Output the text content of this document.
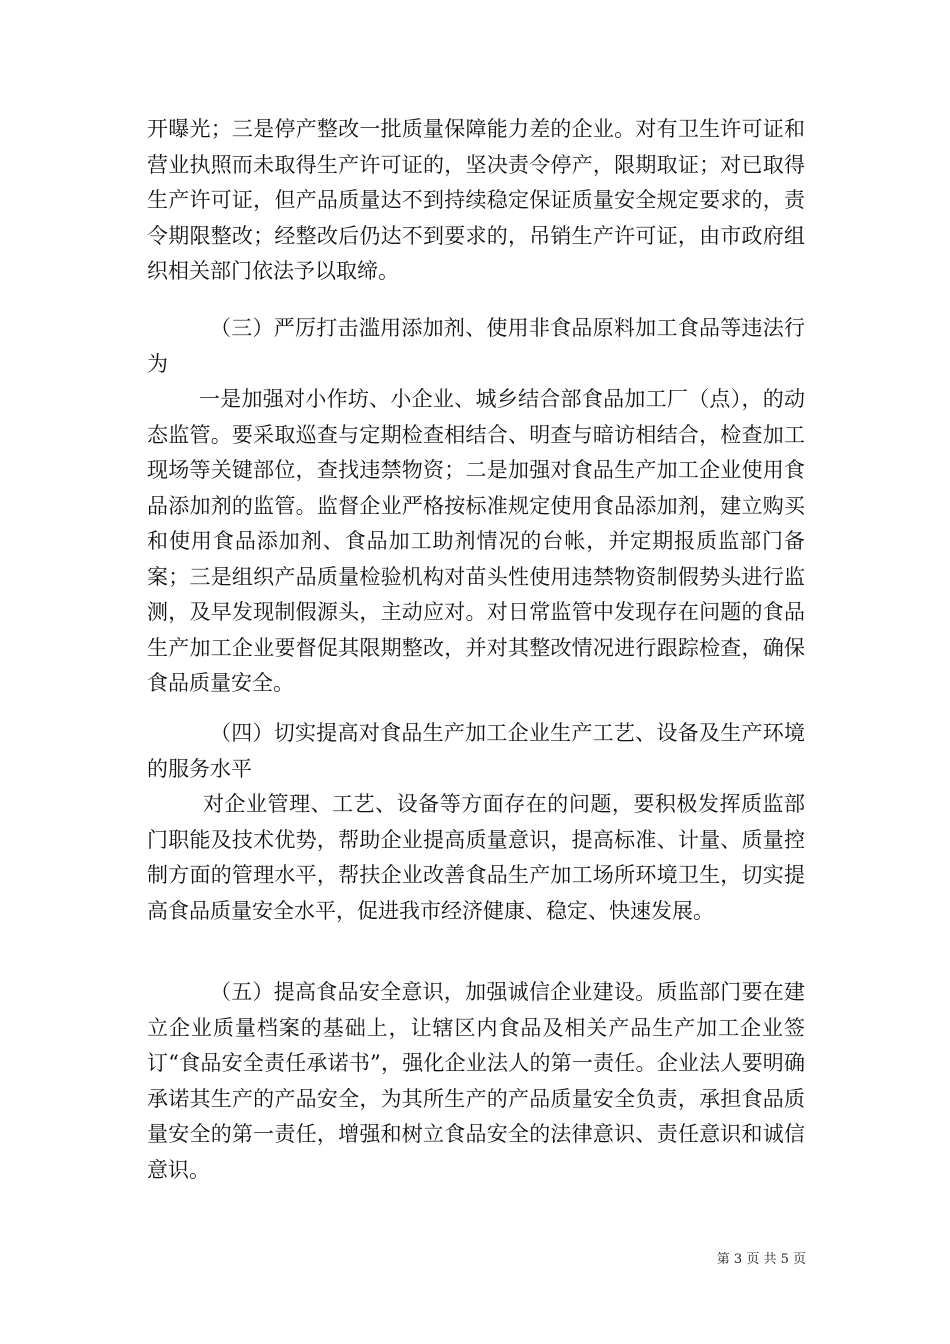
开曝光；三是停产整改一批质量保障能力差的企业。对有卫生许可证和营业执照而未取得生产许可证的，坚决责令停产，限期取证；对已取得生产许可证，但产品质量达不到持续稳定保证质量安全规定要求的，责令期限整改；经整改后仍达不到要求的，吊销生产许可证，由市政府组织相关部门依法予以取缔。

（三）严厉打击滥用添加剂、使用非食品原料加工食品等违法行为

一是加强对小作坊、小企业、城乡结合部食品加工厂（点），的动态监管。要采取巡查与定期检查相结合、明查与暗访相结合，检查加工现场等关键部位，查找违禁物资；二是加强对食品生产加工企业使用食品添加剂的监管。监督企业严格按标准规定使用食品添加剂，建立购买和使用食品添加剂、食品加工助剂情况的台帐，并定期报质监部门备案；三是组织产品质量检验机构对苗头性使用违禁物资制假势头进行监测，及早发现制假源头，主动应对。对日常监管中发现存在问题的食品生产加工企业要督促其限期整改，并对其整改情况进行跟踪检查，确保食品质量安全。

（四）切实提高对食品生产加工企业生产工艺、设备及生产环境的服务水平

对企业管理、工艺、设备等方面存在的问题，要积极发挥质监部门职能及技术优势，帮助企业提高质量意识，提高标准、计量、质量控制方面的管理水平，帮扶企业改善食品生产加工场所环境卫生，切实提高食品质量安全水平，促进我市经济健康、稳定、快速发展。

（五）提高食品安全意识，加强诚信企业建设。质监部门要在建立企业质量档案的基础上，让辖区内食品及相关产品生产加工企业签订“食品安全责任承诺书”，强化企业法人的第一责任。企业法人要明确承诺其生产的产品安全，为其所生产的产品质量安全负责，承担食品质量安全的第一责任，增强和树立食品安全的法律意识、责任意识和诚信意识。

第 3 页 共 5 页
